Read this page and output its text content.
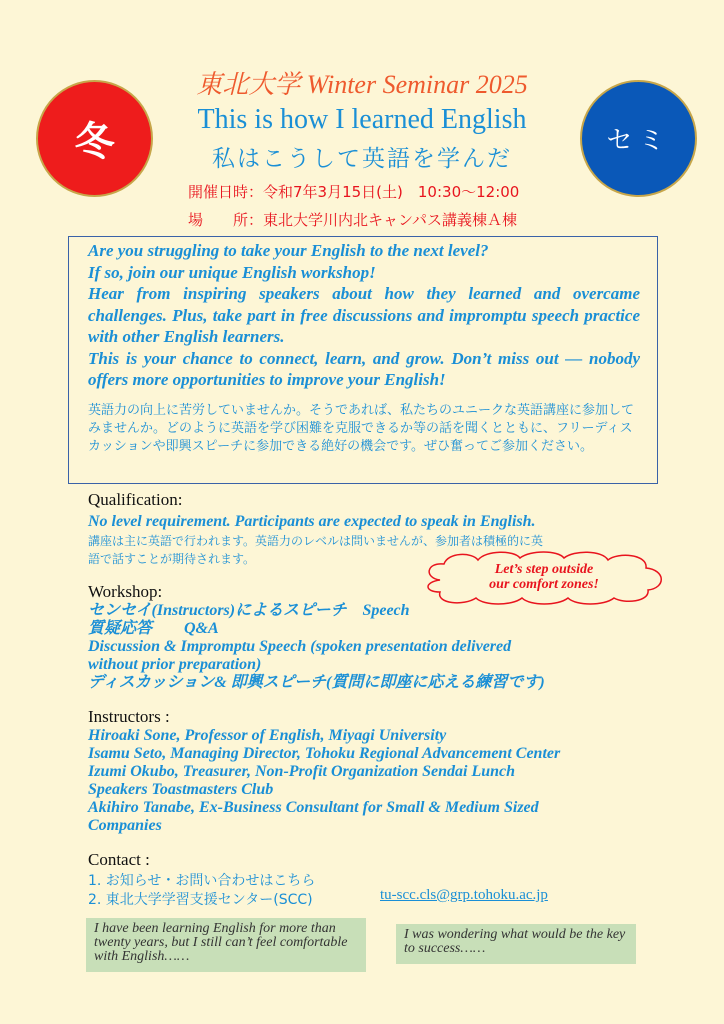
冬	セミ
東北大学 Winter Seminar 2025
This is how I learned English
私はこうして英語を学んだ
開催日時：令和7年3月15日(土)　10:30～12:00
場　　所：東北大学川内北キャンパス講義棟Ａ棟
Are you struggling to take your English to the next level?
If so, join our unique English workshop!
Hear from inspiring speakers about how they learned and overcame challenges. Plus, take part in free discussions and impromptu speech practice with other English learners.
This is your chance to connect, learn, and grow. Don’t miss out — nobody offers more opportunities to improve your English!
英語力の向上に苦労していませんか。そうであれば、私たちのユニークな英語講座に参加してみませんか。どのように英語を学び困難を克服できるか等の話を聞くとともに、フリーディスカッションや即興スピーチに参加できる絶好の機会です。ぜひ奮ってご参加ください。
Qualification:
No level requirement. Participants are expected to speak in English.
講座は主に英語で行われます。英語力のレベルは問いませんが、参加者は積極的に英
語で話すことが期待されます。
Let’s step outside
our comfort zones!
Workshop:
センセイ(Instructors)によるスピーチ　Speech
質疑応答　　Q&A
Discussion & Impromptu Speech (spoken presentation delivered
without prior preparation)
ディスカッション& 即興スピーチ(質問に即座に応える練習です)
Instructors :
Hiroaki Sone, Professor of English, Miyagi University
Isamu Seto, Managing Director, Tohoku Regional Advancement Center
Izumi Okubo, Treasurer, Non-Profit Organization Sendai Lunch
Speakers Toastmasters Club
Akihiro Tanabe, Ex-Business Consultant for Small & Medium Sized
Companies
Contact :
1. お知らせ・お問い合わせはこちら
2. 東北大学学習支援センター(SCC)	tu-scc.cls@grp.tohoku.ac.jp
I have been learning English for more than twenty years, but I still can’t feel comfortable with English……
I was wondering what would be the key to success……
